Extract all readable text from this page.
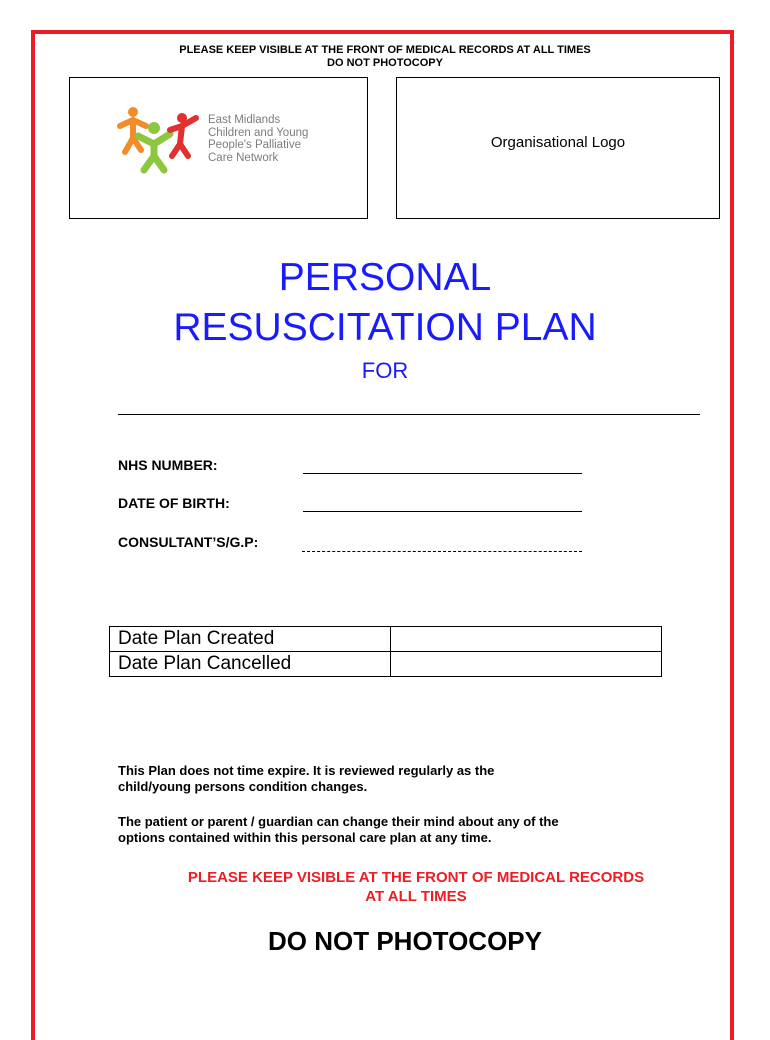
PLEASE KEEP VISIBLE AT THE FRONT OF MEDICAL RECORDS AT ALL TIMES
DO NOT PHOTOCOPY
East Midlands
Children and Young
People's Palliative
Care Network
Organisational Logo
PERSONAL
RESUSCITATION PLAN
FOR
NHS NUMBER:
DATE OF BIRTH:
CONSULTANT’S/G.P:
Date Plan Created	
Date Plan Cancelled	
This Plan does not time expire. It is reviewed regularly as the
child/young persons condition changes.
The patient or parent / guardian can change their mind about any of the
options contained within this personal care plan at any time.
PLEASE KEEP VISIBLE AT THE FRONT OF MEDICAL RECORDS
AT ALL TIMES
DO NOT PHOTOCOPY
